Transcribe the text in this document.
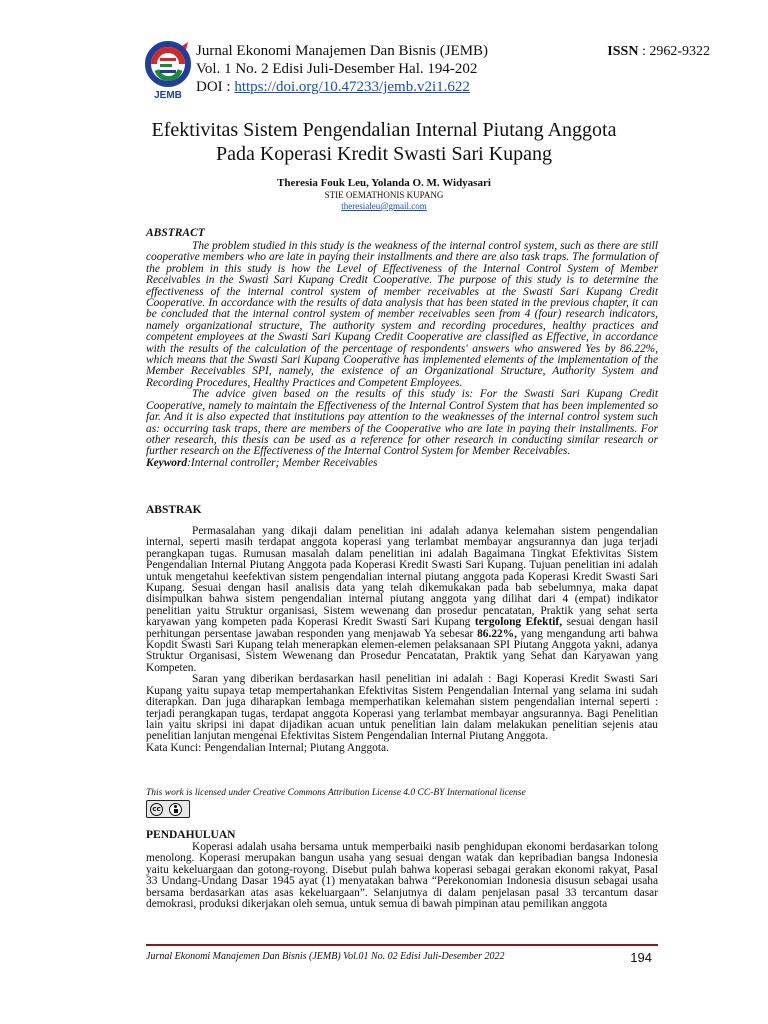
JEMB
Jurnal Ekonomi Manajemen Dan Bisnis (JEMB)
Vol. 1 No. 2 Edisi Juli-Desember Hal. 194-202
DOI : https://doi.org/10.47233/jemb.v2i1.622
ISSN : 2962-9322
Efektivitas Sistem Pengendalian Internal Piutang Anggota
Pada Koperasi Kredit Swasti Sari Kupang
Theresia Fouk Leu, Yolanda O. M. Widyasari
STIE OEMATHONIS KUPANG
theresialeu@gmail.com
ABSTRACT

The problem studied in this study is the weakness of the internal control system, such as there are still cooperative members who are late in paying their installments and there are also task traps. The formulation of the problem in this study is how the Level of Effectiveness of the Internal Control System of Member Receivables in the Swasti Sari Kupang Credit Cooperative. The purpose of this study is to determine the effectiveness of the internal control system of member receivables at the Swasti Sari Kupang Credit Cooperative. In accordance with the results of data analysis that has been stated in the previous chapter, it can be concluded that the internal control system of member receivables seen from 4 (four) research indicators, namely organizational structure, The authority system and recording procedures, healthy practices and competent employees at the Swasti Sari Kupang Credit Cooperative are classified as Effective, in accordance with the results of the calculation of the percentage of respondents' answers who answered Yes by 86.22%, which means that the Swasti Sari Kupang Cooperative has implemented elements of the implementation of the Member Receivables SPI, namely, the existence of an Organizational Structure, Authority System and Recording Procedures, Healthy Practices and Competent Employees.

The advice given based on the results of this study is: For the Swasti Sari Kupang Credit Cooperative, namely to maintain the Effectiveness of the Internal Control System that has been implemented so far. And it is also expected that institutions pay attention to the weaknesses of the internal control system such as: occurring task traps, there are members of the Cooperative who are late in paying their installments. For other research, this thesis can be used as a reference for other research in conducting similar research or further research on the Effectiveness of the Internal Control System for Member Receivables.

Keyword:Internal controller; Member Receivables

ABSTRAK

Permasalahan yang dikaji dalam penelitian ini adalah adanya kelemahan sistem pengendalian internal, seperti masih terdapat anggota koperasi yang terlambat membayar angsurannya dan juga terjadi perangkapan tugas. Rumusan masalah dalam penelitian ini adalah Bagaimana Tingkat Efektivitas Sistem Pengendalian Internal Piutang Anggota pada Koperasi Kredit Swasti Sari Kupang. Tujuan penelitian ini adalah untuk mengetahui keefektivan sistem pengendalian internal piutang anggota pada Koperasi Kredit Swasti Sari Kupang. Sesuai dengan hasil analisis data yang telah dikemukakan pada bab sebelumnya, maka dapat disimpulkan bahwa sistem pengendalian internal piutang anggota yang dilihat dari 4 (empat) indikator penelitian yaitu Struktur organisasi, Sistem wewenang dan prosedur pencatatan, Praktik yang sehat serta karyawan yang kompeten pada Koperasi Kredit Swasti Sari Kupang tergolong Efektif, sesuai dengan hasil perhitungan persentase jawaban responden yang menjawab Ya sebesar 86.22%, yang mengandung arti bahwa Kopdit Swasti Sari Kupang telah menerapkan elemen-elemen pelaksanaan SPI Piutang Anggota yakni, adanya Struktur Organisasi, Sistem Wewenang dan Prosedur Pencatatan, Praktik yang Sehat dan Karyawan yang Kompeten.

Saran yang diberikan berdasarkan hasil penelitian ini adalah : Bagi Koperasi Kredit Swasti Sari Kupang yaitu supaya tetap mempertahankan Efektivitas Sistem Pengendalian Internal yang selama ini sudah diterapkan. Dan juga diharapkan lembaga memperhatikan kelemahan sistem pengendalian internal seperti : terjadi perangkapan tugas, terdapat anggota Koperasi yang terlambat membayar angsurannya. Bagi Penelitian lain yaitu skripsi ini dapat dijadikan acuan untuk penelitian lain dalam melakukan penelitian sejenis atau penelitian lanjutan mengenai Efektivitas Sistem Pengendalian Internal Piutang Anggota.

Kata Kunci: Pengendalian Internal; Piutang Anggota.

This work is licensed under Creative Commons Attribution License 4.0 CC-BY International license
cc
PENDAHULUAN

Koperasi adalah usaha bersama untuk memperbaiki nasib penghidupan ekonomi berdasarkan tolong menolong. Koperasi merupakan bangun usaha yang sesuai dengan watak dan kepribadian bangsa Indonesia yaitu kekeluargaan dan gotong-royong. Disebut pulah bahwa koperasi sebagai gerakan ekonomi rakyat, Pasal 33 Undang-Undang Dasar 1945 ayat (1) menyatakan bahwa “Perekonomian Indonesia disusun sebagai usaha bersama berdasarkan atas asas kekeluargaan”. Selanjutnya di dalam penjelasan pasal 33 tercantum dasar demokrasi, produksi dikerjakan oleh semua, untuk semua di bawah pimpinan atau pemilikan anggota

Jurnal Ekonomi Manajemen Dan Bisnis (JEMB) Vol.01 No. 02 Edisi Juli-Desember 2022	194
